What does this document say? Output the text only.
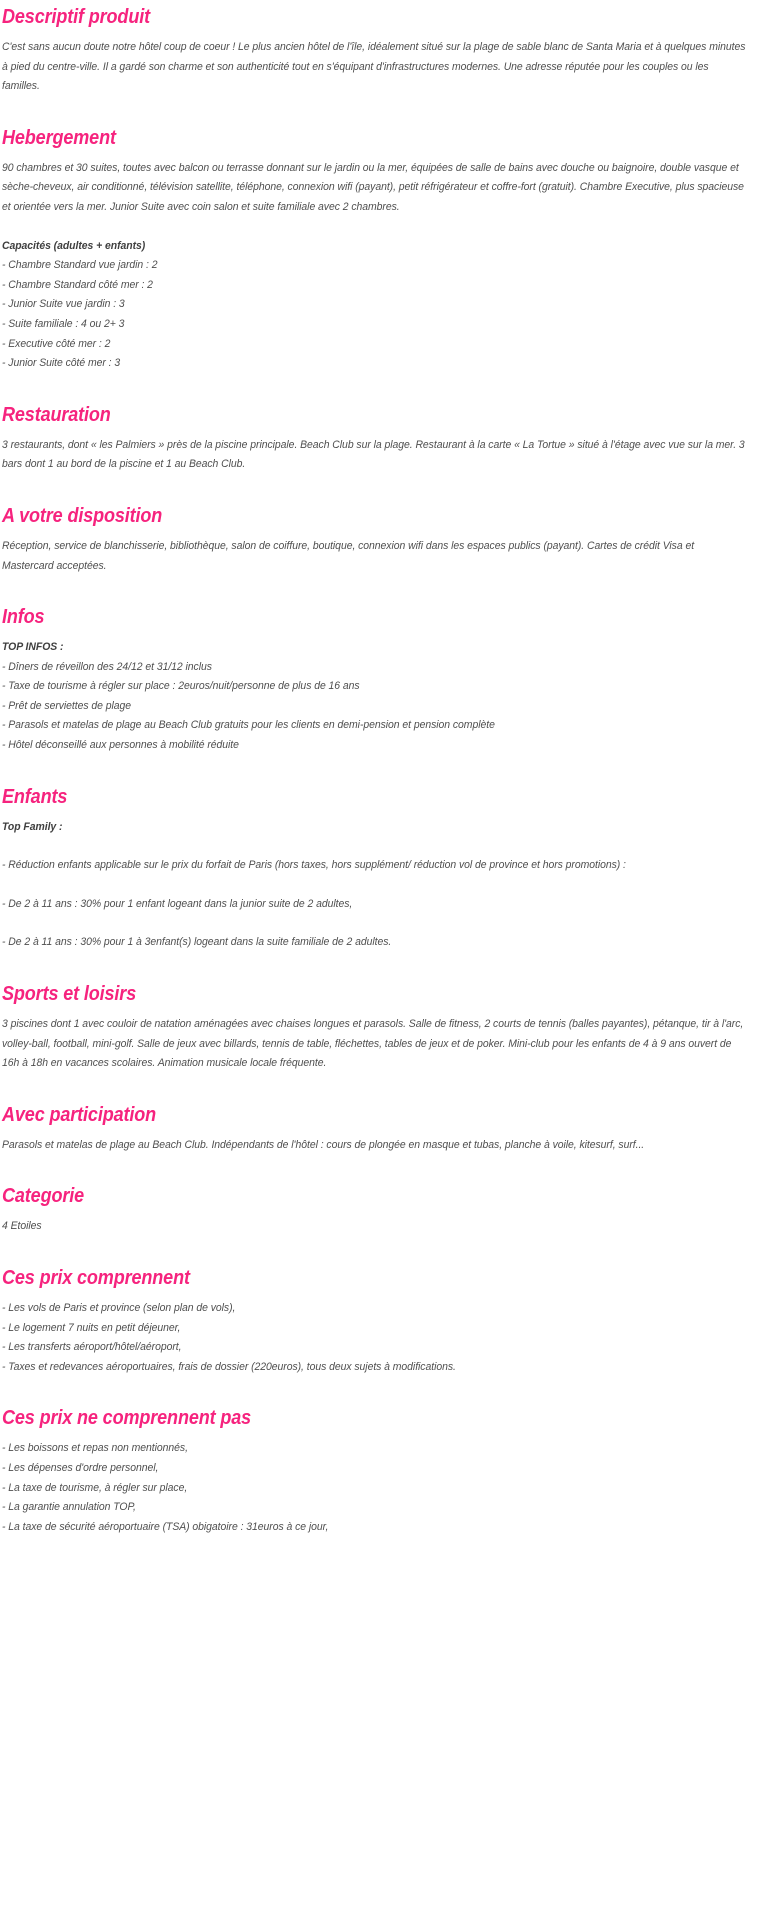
Descriptif produit

C'est sans aucun doute notre hôtel coup de coeur ! Le plus ancien hôtel de l'île, idéalement situé sur la plage de sable blanc de Santa Maria et à quelques minutes à pied du centre-ville. Il a gardé son charme et son authenticité tout en s'équipant d'infrastructures modernes. Une adresse réputée pour les couples ou les familles.

Hebergement

90 chambres et 30 suites, toutes avec balcon ou terrasse donnant sur le jardin ou la mer, équipées de salle de bains avec douche ou baignoire, double vasque et sèche-cheveux, air conditionné, télévision satellite, téléphone, connexion wifi (payant), petit réfrigérateur et coffre-fort (gratuit). Chambre Executive, plus spacieuse et orientée vers la mer. Junior Suite avec coin salon et suite familiale avec 2 chambres.

Capacités (adultes + enfants)

- Chambre Standard vue jardin : 2
- Chambre Standard côté mer : 2
- Junior Suite vue jardin : 3
- Suite familiale : 4 ou 2+ 3
- Executive côté mer : 2
- Junior Suite côté mer : 3
Restauration

3 restaurants, dont « les Palmiers » près de la piscine principale. Beach Club sur la plage. Restaurant à la carte « La Tortue » situé à l'étage avec vue sur la mer. 3 bars dont 1 au bord de la piscine et 1 au Beach Club.

A votre disposition

Réception, service de blanchisserie, bibliothèque, salon de coiffure, boutique, connexion wifi dans les espaces publics (payant). Cartes de crédit Visa et Mastercard acceptées.

Infos

TOP INFOS :

- Dîners de réveillon des 24/12 et 31/12 inclus
- Taxe de tourisme à régler sur place : 2euros/nuit/personne de plus de 16 ans
- Prêt de serviettes de plage
- Parasols et matelas de plage au Beach Club gratuits pour les clients en demi-pension et pension complète
- Hôtel déconseillé aux personnes à mobilité réduite
Enfants

Top Family :

- Réduction enfants applicable sur le prix du forfait de Paris (hors taxes, hors supplément/ réduction vol de province et hors promotions) :
- De 2 à 11 ans : 30% pour 1 enfant logeant dans la junior suite de 2 adultes,
- De 2 à 11 ans : 30% pour 1 à 3enfant(s) logeant dans la suite familiale de 2 adultes.
Sports et loisirs

3 piscines dont 1 avec couloir de natation aménagées avec chaises longues et parasols. Salle de fitness, 2 courts de tennis (balles payantes), pétanque, tir à l'arc, volley-ball, football, mini-golf. Salle de jeux avec billards, tennis de table, fléchettes, tables de jeux et de poker. Mini-club pour les enfants de 4 à 9 ans ouvert de 16h à 18h en vacances scolaires. Animation musicale locale fréquente.

Avec participation

Parasols et matelas de plage au Beach Club. Indépendants de l'hôtel : cours de plongée en masque et tubas, planche à voile, kitesurf, surf...

Categorie

4 Etoiles

Ces prix comprennent
- Les vols de Paris et province (selon plan de vols),
- Le logement 7 nuits en petit déjeuner,
- Les transferts aéroport/hôtel/aéroport,
- Taxes et redevances aéroportuaires, frais de dossier (220euros), tous deux sujets à modifications.
Ces prix ne comprennent pas
- Les boissons et repas non mentionnés,
- Les dépenses d'ordre personnel,
- La taxe de tourisme, à régler sur place,
- La garantie annulation TOP,
- La taxe de sécurité aéroportuaire (TSA) obigatoire : 31euros à ce jour,
